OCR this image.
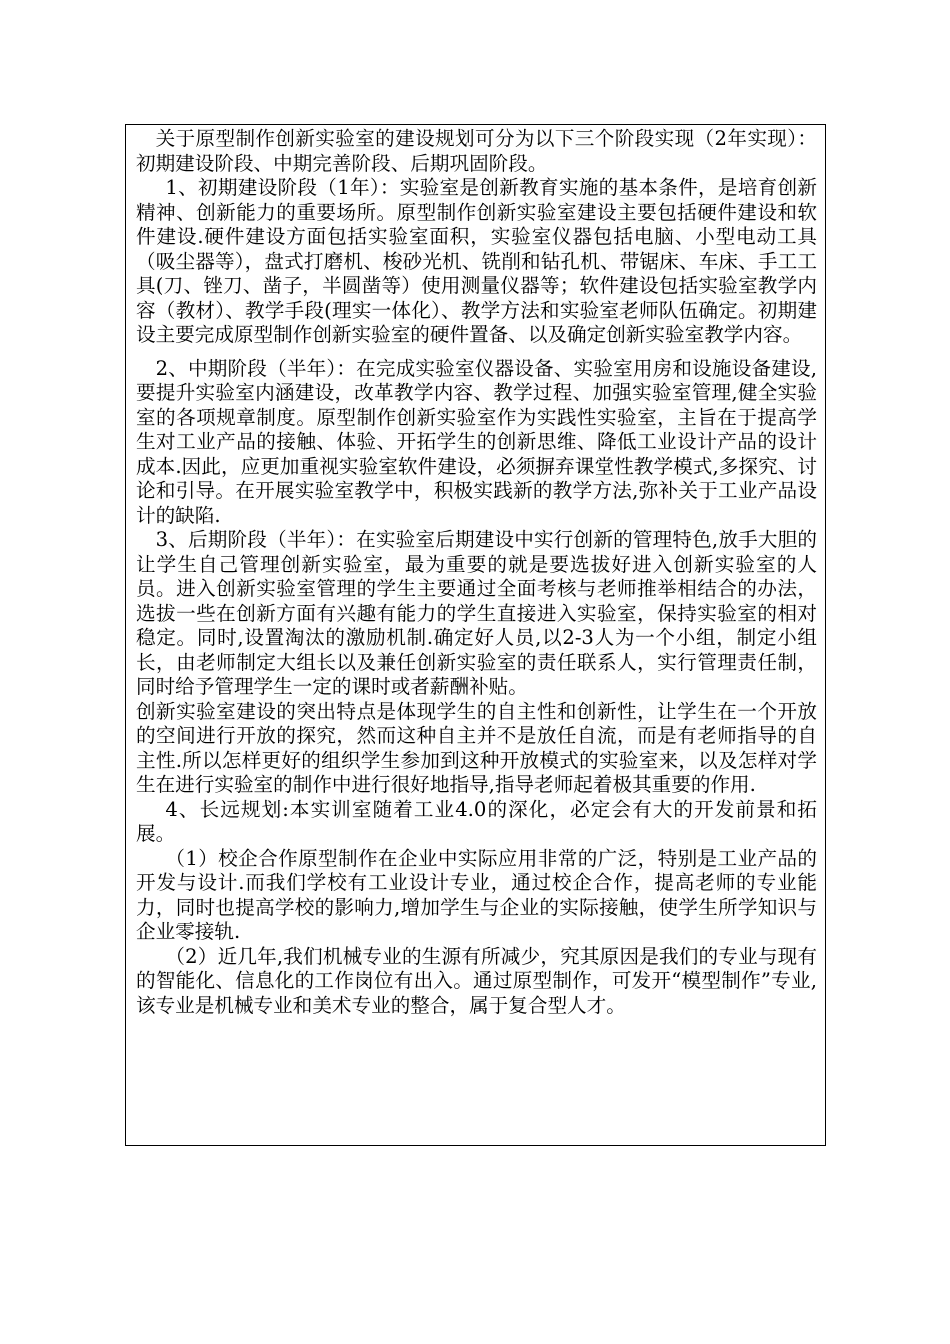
关于原型制作创新实验室的建设规划可分为以下三个阶段实现（2年实现）：初期建设阶段、中期完善阶段、后期巩固阶段。

1、初期建设阶段（1年）：实验室是创新教育实施的基本条件，是培育创新精神、创新能力的重要场所。原型制作创新实验室建设主要包括硬件建设和软件建设.硬件建设方面包括实验室面积，实验室仪器包括电脑、小型电动工具（吸尘器等），盘式打磨机、梭砂光机、铣削和钻孔机、带锯床、车床、手工工具(刀、锉刀、凿子，半圆凿等）使用测量仪器等；软件建设包括实验室教学内容（教材）、教学手段(理实一体化）、教学方法和实验室老师队伍确定。初期建设主要完成原型制作创新实验室的硬件置备、以及确定创新实验室教学内容。

2、中期阶段（半年）：在完成实验室仪器设备、实验室用房和设施设备建设,要提升实验室内涵建设，改革教学内容、教学过程、加强实验室管理,健全实验室的各项规章制度。原型制作创新实验室作为实践性实验室，主旨在于提高学生对工业产品的接触、体验、开拓学生的创新思维、降低工业设计产品的设计成本.因此，应更加重视实验室软件建设，必须摒弃课堂性教学模式,多探究、讨论和引导。在开展实验室教学中，积极实践新的教学方法,弥补关于工业产品设计的缺陷.

3、后期阶段（半年）：在实验室后期建设中实行创新的管理特色,放手大胆的让学生自己管理创新实验室，最为重要的就是要选拔好进入创新实验室的人员。进入创新实验室管理的学生主要通过全面考核与老师推举相结合的办法，选拔一些在创新方面有兴趣有能力的学生直接进入实验室，保持实验室的相对稳定。同时,设置淘汰的激励机制.确定好人员,以2-3人为一个小组，制定小组长，由老师制定大组长以及兼任创新实验室的责任联系人，实行管理责任制，同时给予管理学生一定的课时或者薪酬补贴。

创新实验室建设的突出特点是体现学生的自主性和创新性，让学生在一个开放的空间进行开放的探究，然而这种自主并不是放任自流，而是有老师指导的自主性.所以怎样更好的组织学生参加到这种开放模式的实验室来，以及怎样对学生在进行实验室的制作中进行很好地指导,指导老师起着极其重要的作用.

4、长远规划:本实训室随着工业4.0的深化，必定会有大的开发前景和拓展。

（1）校企合作原型制作在企业中实际应用非常的广泛，特别是工业产品的开发与设计.而我们学校有工业设计专业，通过校企合作，提高老师的专业能力，同时也提高学校的影响力,增加学生与企业的实际接触，使学生所学知识与企业零接轨.

（2）近几年,我们机械专业的生源有所减少，究其原因是我们的专业与现有的智能化、信息化的工作岗位有出入。通过原型制作，可发开“模型制作”专业,该专业是机械专业和美术专业的整合，属于复合型人才。
